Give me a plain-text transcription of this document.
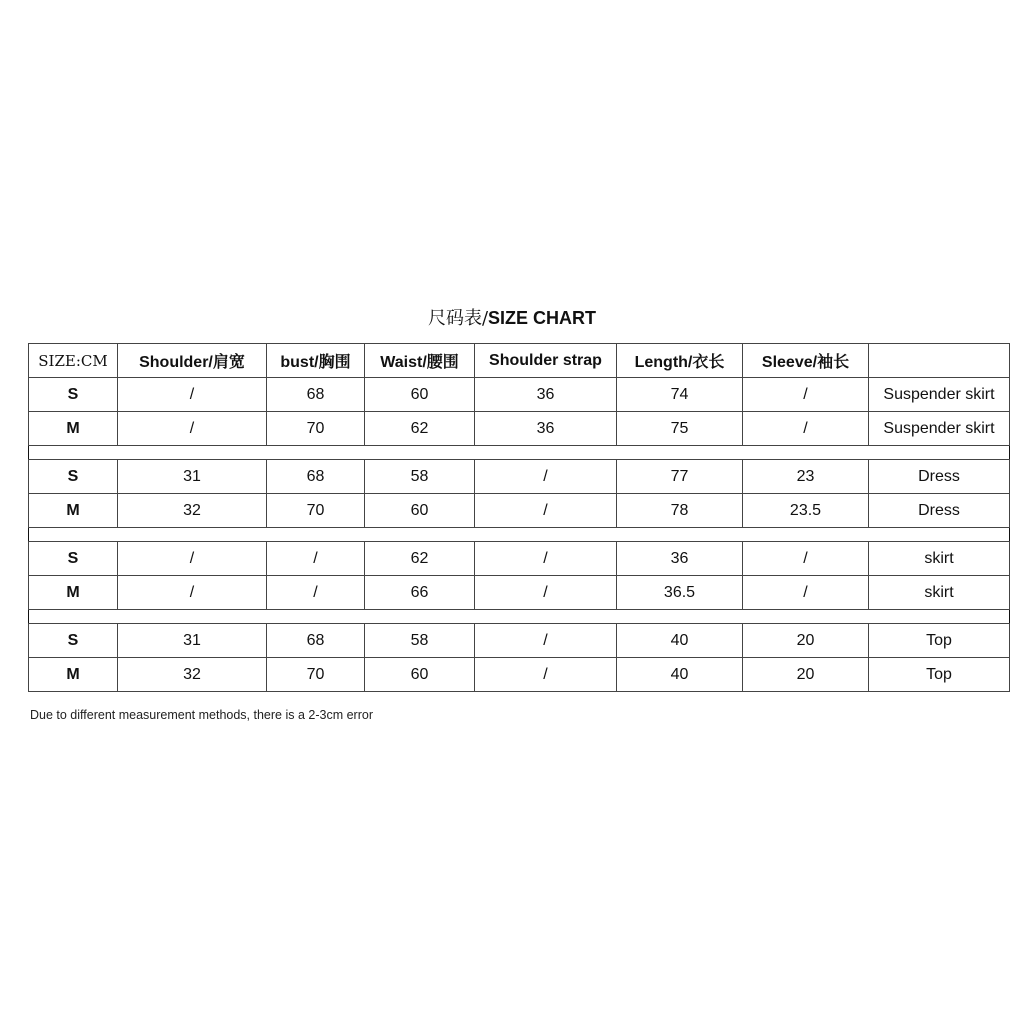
尺码表/SIZE CHART
SIZE:CM	Shoulder/肩宽	bust/胸围	Waist/腰围	Shoulder strap	Length/衣长	Sleeve/袖长	
S	/	68	60	36	74	/	Suspender skirt
M	/	70	62	36	75	/	Suspender skirt

S	31	68	58	/	77	23	Dress
M	32	70	60	/	78	23.5	Dress

S	/	/	62	/	36	/	skirt
M	/	/	66	/	36.5	/	skirt

S	31	68	58	/	40	20	Top
M	32	70	60	/	40	20	Top
Due to different measurement methods, there is a 2-3cm error
